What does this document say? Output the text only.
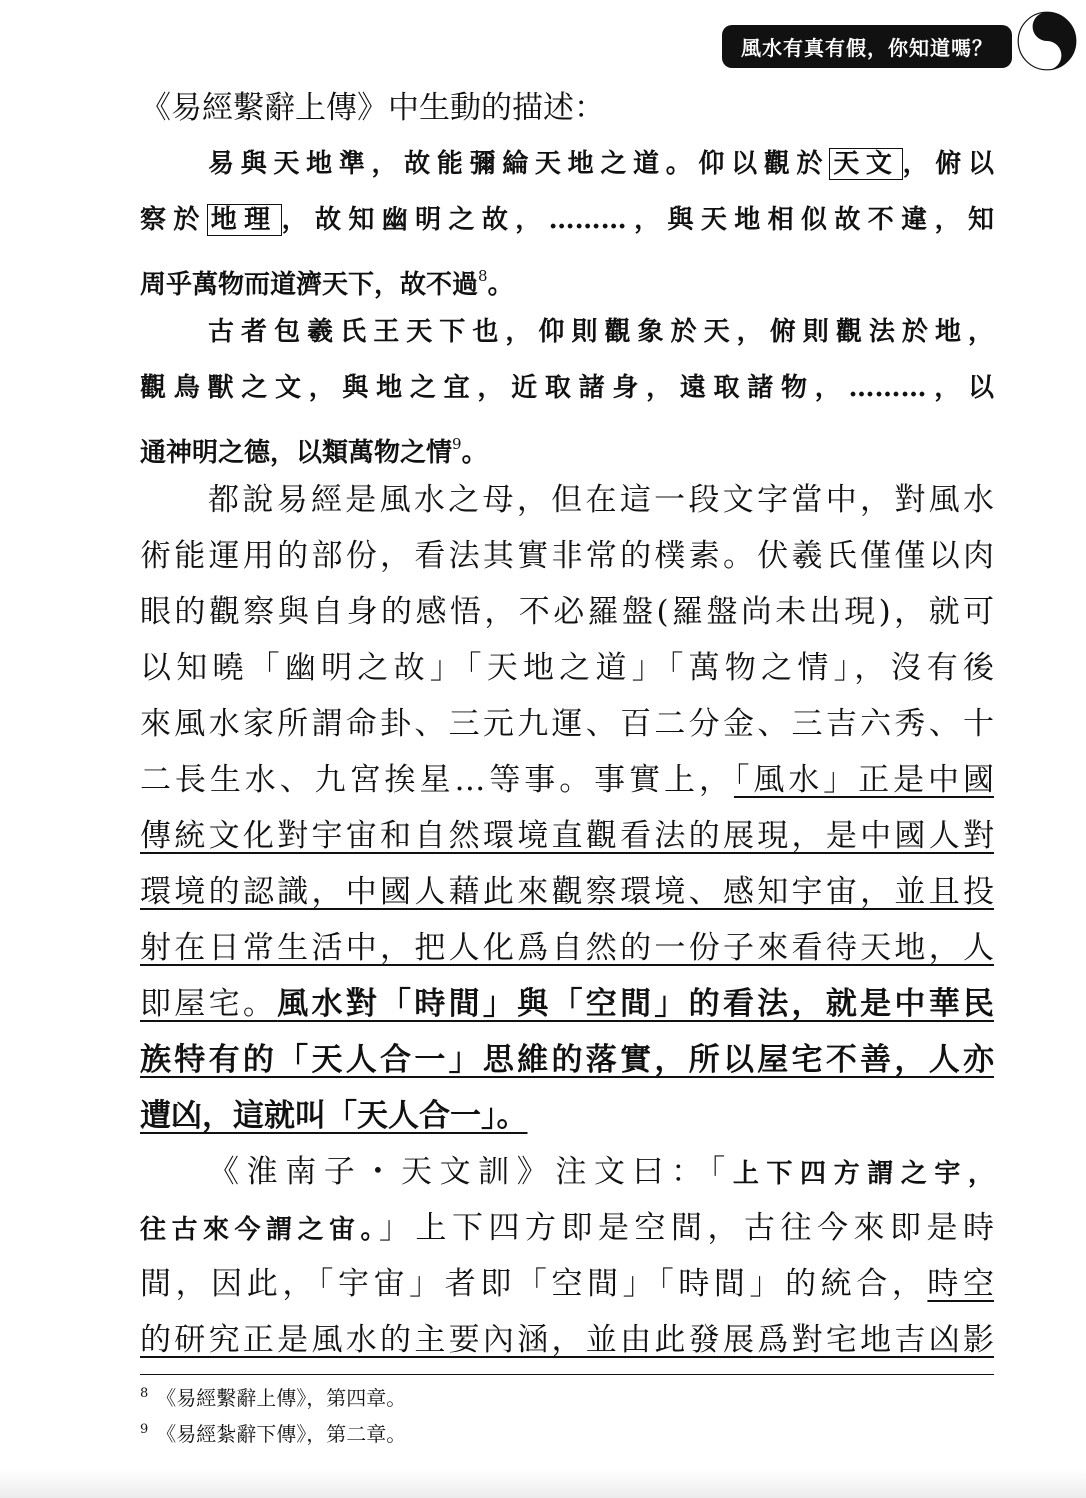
風水有真有假，你知道嗎？
《易經繫辭上傳》中生動的描述：
易與天地準，故能彌綸天地之道。仰以觀於 天文 ，俯以
察於 地理 ，故知幽明之故，………，與天地相似故不違，知
周乎萬物而道濟天下，故不過$^8$。
古者包羲氏王天下也，仰則觀象於天，俯則觀法於地，
觀鳥獸之文，與地之宜，近取諸身，遠取諸物，………，以
通神明之德，以類萬物之情$^9$。
都說易經是風水之母，但在這一段文字當中，對風水
術能運用的部份，看法其實非常的樸素。伏羲氏僅僅以肉
眼的觀察與自身的感悟，不必羅盤(羅盤尚未出現)，就可
以知曉「幽明之故」「天地之道」「萬物之情」，沒有後
來風水家所謂命卦、三元九運、百二分金、三吉六秀、十
二長生水、九宮挨星…等事。事實上，「風水」正是中國
傳統文化對宇宙和自然環境直觀看法的展現，是中國人對
環境的認識，中國人藉此來觀察環境、感知宇宙，並且投
射在日常生活中，把人化爲自然的一份子來看待天地，人
即屋宅。風水對「時間」與「空間」的看法，就是中華民
族特有的「天人合一」思維的落實，所以屋宅不善，人亦
遭凶，這就叫「天人合一」。
《淮南子・天文訓》注文曰：「上下四方謂之宇，
往古來今謂之宙。」上下四方即是空間，古往今來即是時
間，因此，「宇宙」者即「空間」「時間」的統合，時空
的研究正是風水的主要內涵，並由此發展爲對宅地吉凶影
$^8$ 《易經繫辭上傳》，第四章。
$^9$ 《易經紮辭下傳》，第二章。
